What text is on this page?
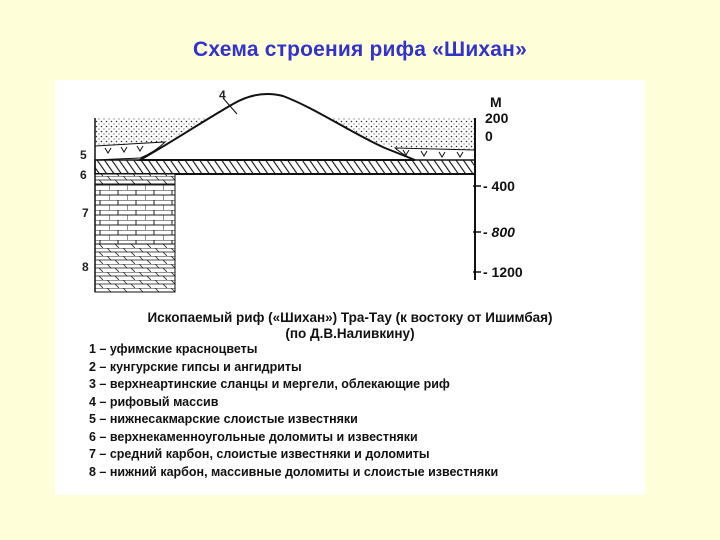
Схема строения рифа «Шихан»
4
5
6
7
8
М
200
0
- 400
- 800
- 1200
Ископаемый риф («Шихан») Тра-Тау (к востоку от Ишимбая)
(по Д.В.Наливкину)
1 – уфимские красноцветы
2 – кунгурские гипсы и ангидриты
3 – верхнеартинские сланцы и мергели, облекающие риф
4 – рифовый массив
5 – нижнесакмарские слоистые известняки
6 – верхнекаменноугольные доломиты и известняки
7 – средний карбон, слоистые известняки и доломиты
8 – нижний карбон, массивные доломиты и слоистые известняки
